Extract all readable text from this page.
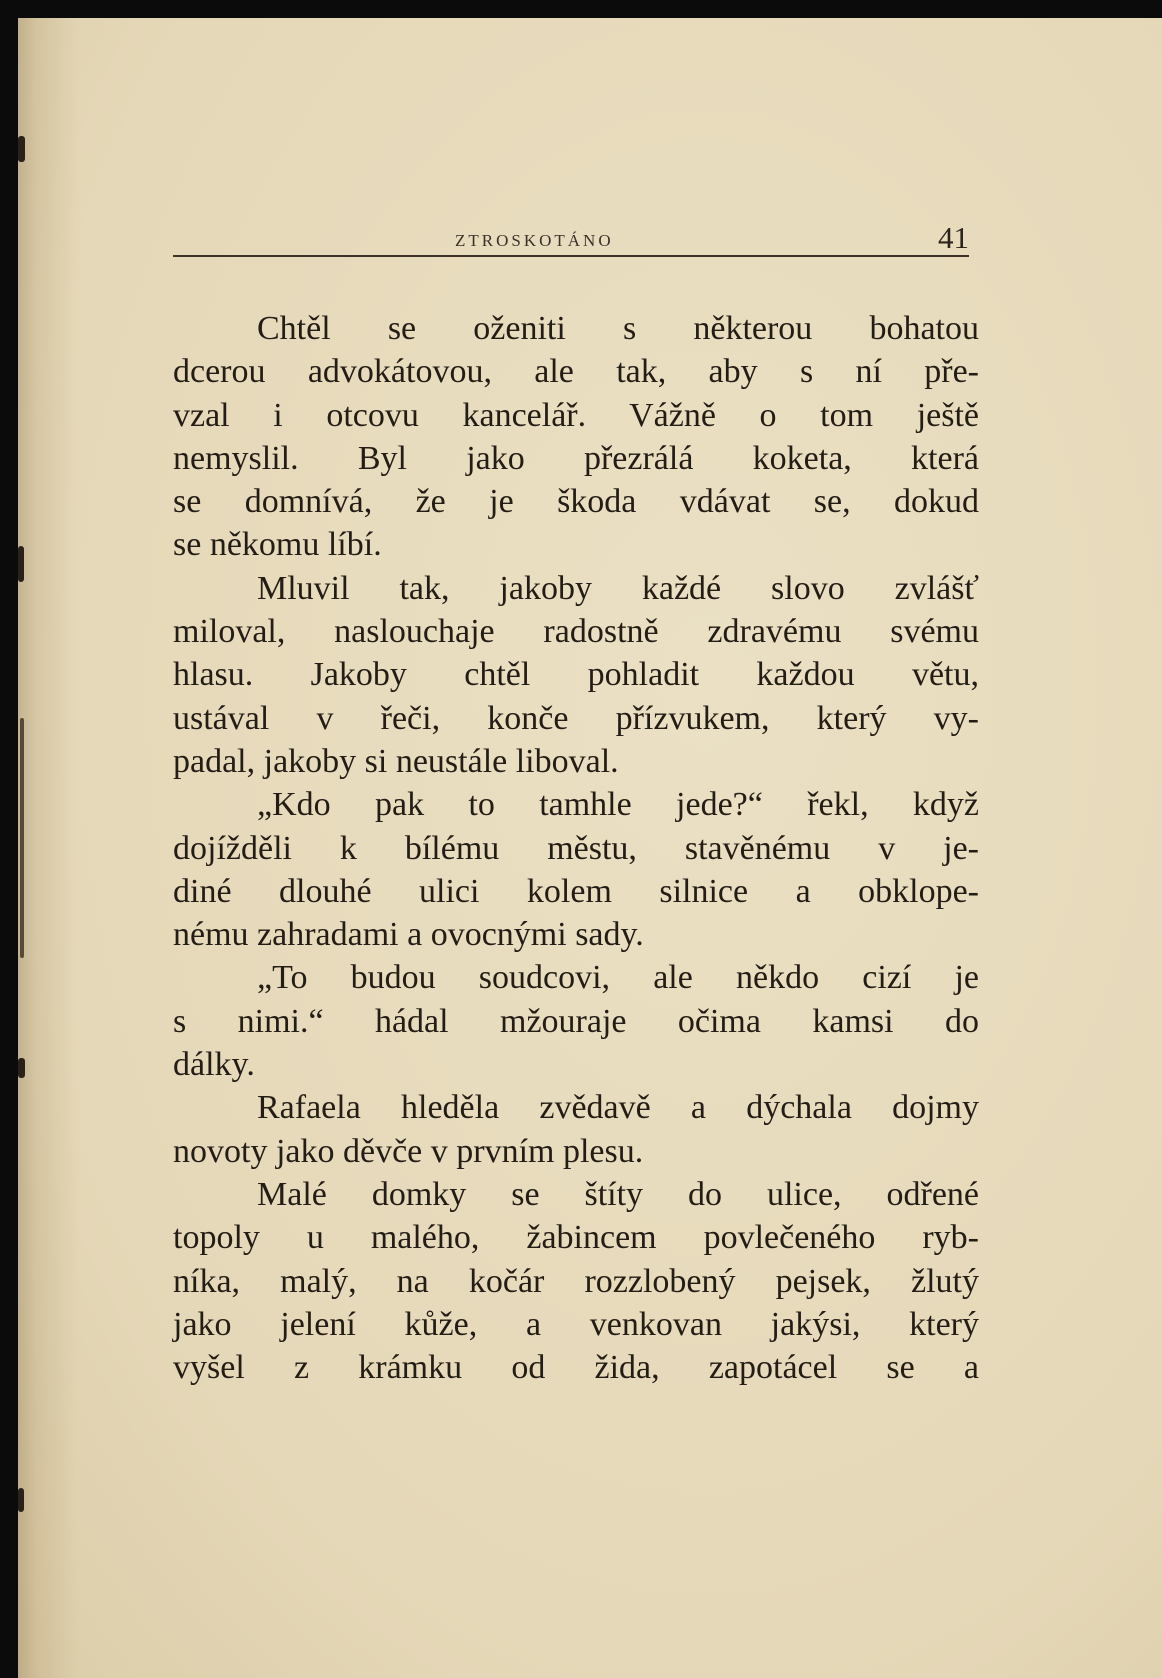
ZTROSKOTÁNO	41
Chtěl se oženiti s některou bohatou
dcerou advokátovou, ale tak, aby s ní pře-
vzal i otcovu kancelář. Vážně o tom ještě
nemyslil. Byl jako přezrálá koketa, která
se domnívá, že je škoda vdávat se, dokud
se někomu líbí.
Mluvil tak, jakoby každé slovo zvlášť
miloval, naslouchaje radostně zdravému svému
hlasu. Jakoby chtěl pohladit každou větu,
ustával v řeči, konče přízvukem, který vy-
padal, jakoby si neustále liboval.
„Kdo pak to tamhle jede?“ řekl, když
dojížděli k bílému městu, stavěnému v je-
diné dlouhé ulici kolem silnice a obklope-
nému zahradami a ovocnými sady.
„To budou soudcovi, ale někdo cizí je
s nimi.“ hádal mžouraje očima kamsi do
dálky.
Rafaela hleděla zvědavě a dýchala dojmy
novoty jako děvče v prvním plesu.
Malé domky se štíty do ulice, odřené
topoly u malého, žabincem povlečeného ryb-
níka, malý, na kočár rozzlobený pejsek, žlutý
jako jelení kůže, a venkovan jakýsi, který
vyšel z krámku od žida, zapotácel se a
